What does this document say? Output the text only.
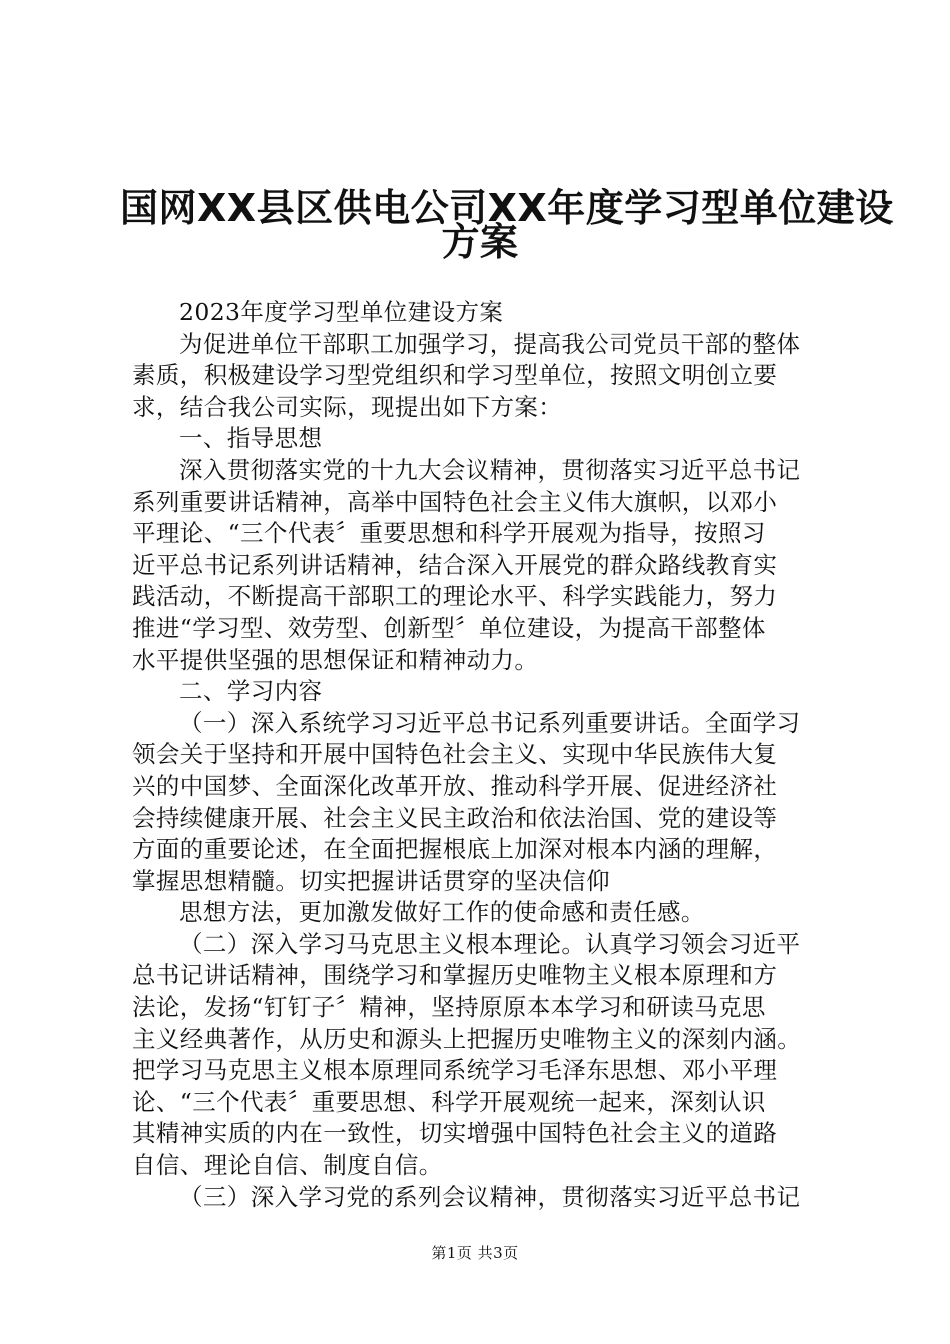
国网XX县区供电公司XX年度学习型单位建设
方案
2023年度学习型单位建设方案
为促进单位干部职工加强学习，提高我公司党员干部的整体
素质，积极建设学习型党组织和学习型单位，按照文明创立要
求，结合我公司实际，现提出如下方案：
一、指导思想
深入贯彻落实党的十九大会议精神，贯彻落实习近平总书记
系列重要讲话精神，高举中国特色社会主义伟大旗帜，以邓小
平理论、“三个代表〞重要思想和科学开展观为指导，按照习
近平总书记系列讲话精神，结合深入开展党的群众路线教育实
践活动，不断提高干部职工的理论水平、科学实践能力，努力
推进“学习型、效劳型、创新型〞单位建设，为提高干部整体
水平提供坚强的思想保证和精神动力。
二、学习内容
（一）深入系统学习习近平总书记系列重要讲话。全面学习
领会关于坚持和开展中国特色社会主义、实现中华民族伟大复
兴的中国梦、全面深化改革开放、推动科学开展、促进经济社
会持续健康开展、社会主义民主政治和依法治国、党的建设等
方面的重要论述，在全面把握根底上加深对根本内涵的理解，
掌握思想精髓。切实把握讲话贯穿的坚决信仰
思想方法，更加激发做好工作的使命感和责任感。
（二）深入学习马克思主义根本理论。认真学习领会习近平
总书记讲话精神，围绕学习和掌握历史唯物主义根本原理和方
法论，发扬“钉钉子〞精神，坚持原原本本学习和研读马克思
主义经典著作，从历史和源头上把握历史唯物主义的深刻内涵。
把学习马克思主义根本原理同系统学习毛泽东思想、邓小平理
论、“三个代表〞重要思想、科学开展观统一起来，深刻认识
其精神实质的内在一致性，切实增强中国特色社会主义的道路
自信、理论自信、制度自信。
（三）深入学习党的系列会议精神，贯彻落实习近平总书记
第1页 共3页
